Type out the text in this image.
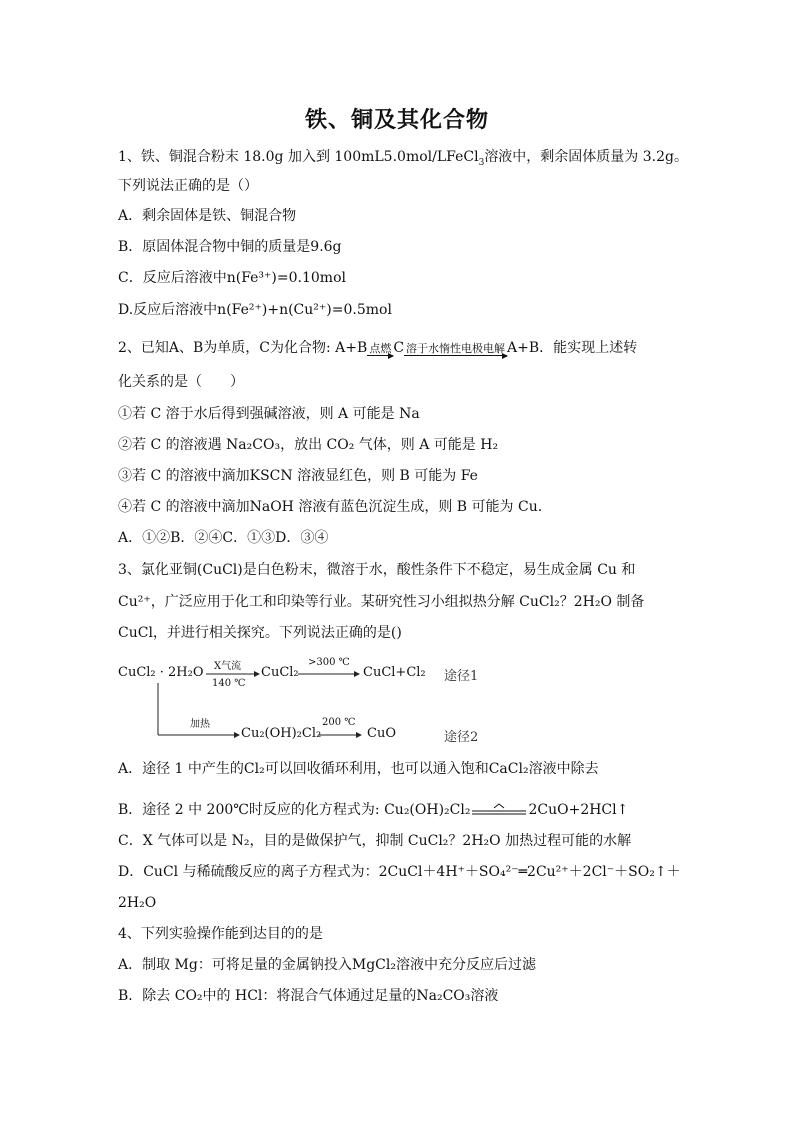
铁、铜及其化合物
1、铁、铜混合粉末 18.0g 加入到 100mL5.0mol/LFeCl$_3$溶液中，剩余固体质量为 3.2g。
下列说法正确的是（）
A．剩余固体是铁、铜混合物
B．原固体混合物中铜的质量是9.6g
C．反应后溶液中n(Fe³⁺)=0.10mol
D.反应后溶液中n(Fe²⁺)+n(Cu²⁺)=0.5mol
2、已知A、B为单质，C为化合物: A+B 点燃 C 溶于水惰性电极电解 A+B．能实现上述转
化关系的是（　　）
①若 C 溶于水后得到强碱溶液，则 A 可能是 Na
②若 C 的溶液遇 Na₂CO₃，放出 CO₂ 气体，则 A 可能是 H₂
③若 C 的溶液中滴加KSCN 溶液显红色，则 B 可能为 Fe
④若 C 的溶液中滴加NaOH 溶液有蓝色沉淀生成，则 B 可能为 Cu．
A．①②B．②④C．①③D．③④
3、氯化亚铜(CuCl)是白色粉末，微溶于水，酸性条件下不稳定，易生成金属 Cu 和
Cu²⁺，广泛应用于化工和印染等行业。某研究性习小组拟热分解 CuCl₂？2H₂O 制备
CuCl，并进行相关探究。下列说法正确的是()
CuCl₂ · 2H₂O X气流
140 ℃
CuCl₂
>300 ℃
CuCl+Cl₂ 途径1
加热
Cu₂(OH)₂Cl₂
200 ℃
CuO	途径2
A．途径 1 中产生的Cl₂可以回收循环利用，也可以通入饱和CaCl₂溶液中除去
B．途径 2 中 200℃时反应的化方程式为: Cu₂(OH)₂Cl₂	2CuO+2HCl↑
C．X 气体可以是 N₂，目的是做保护气，抑制 CuCl₂？2H₂O 加热过程可能的水解
D．CuCl 与稀硫酸反应的离子方程式为：2CuCl＋4H⁺＋SO₄²⁻═2Cu²⁺＋2Cl⁻＋SO₂↑＋
2H₂O
4、下列实验操作能到达目的的是
A．制取 Mg：可将足量的金属钠投入MgCl₂溶液中充分反应后过滤
B．除去 CO₂中的 HCl：将混合气体通过足量的Na₂CO₃溶液
